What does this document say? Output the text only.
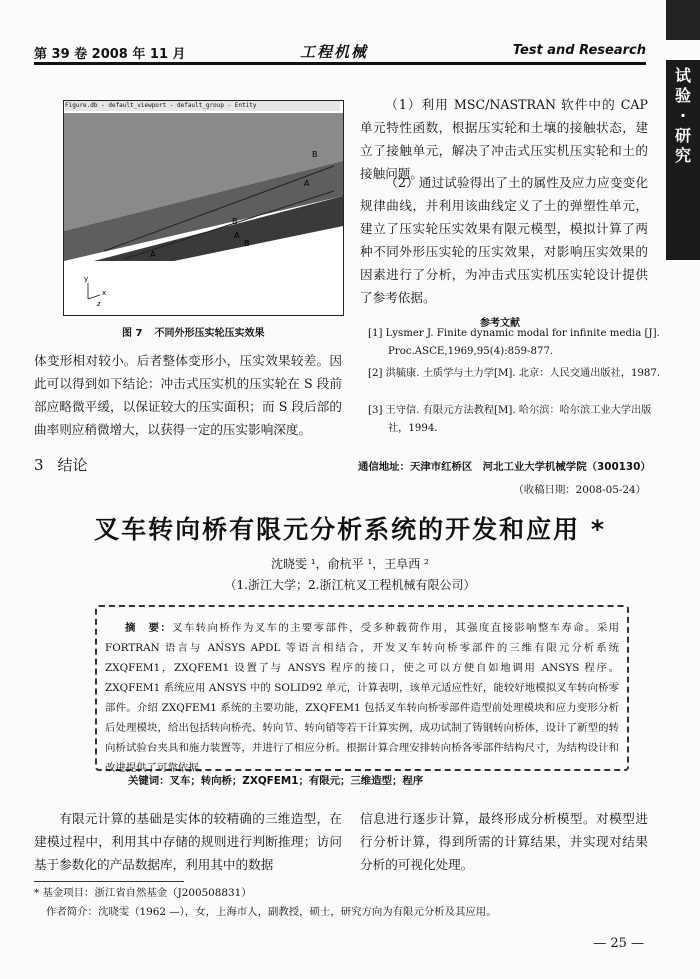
第 39 卷 2008 年 11 月	工程机械	Test and Research
试验·研究
B
A
B
A
A
B
y
x
z
Figure.db - default_viewport - default_group - Entity
图 7 不同外形压实轮压实效果
体变形相对较小。后者整体变形小，压实效果较差。因此可以得到如下结论：冲击式压实机的压实轮在 S 段前部应略微平缓，以保证较大的压实面积；而 S 段后部的曲率则应稍微增大，以获得一定的压实影响深度。
3 结论
（1）利用 MSC/NASTRAN 软件中的 CAP 单元特性函数，根据压实轮和土壤的接触状态，建立了接触单元，解决了冲击式压实机压实轮和土的接触问题。
（2）通过试验得出了土的属性及应力应变变化规律曲线，并利用该曲线定义了土的弹塑性单元，建立了压实轮压实效果有限元模型，模拟计算了两种不同外形压实轮的压实效果，对影响压实效果的因素进行了分析，为冲击式压实机压实轮设计提供了参考依据。
参考文献
[1] Lysmer J. Finite dynamic modal for infinite media [J]. Proc.ASCE,1969,95(4):859-877.
[2] 洪毓康. 土质学与土力学[M]. 北京：人民交通出版社，1987.
[3] 王守信. 有限元方法教程[M]. 哈尔滨：哈尔滨工业大学出版社，1994.
通信地址：天津市红桥区　河北工业大学机械学院（300130）
（收稿日期：2008-05-24）
叉车转向桥有限元分析系统的开发和应用 *
沈晓雯 ¹，俞杭平 ¹，王阜西 ²
（1.浙江大学；2.浙江杭叉工程机械有限公司）
摘　要：叉车转向桥作为叉车的主要零部件，受多种载荷作用，其强度直接影响整车寿命。采用 FORTRAN 语言与 ANSYS APDL 等语言相结合，开发叉车转向桥零部件的三维有限元分析系统 ZXQFEM1，ZXQFEM1 设置了与 ANSYS 程序的接口，使之可以方便自如地调用 ANSYS 程序。ZXQFEM1 系统应用 ANSYS 中的 SOLID92 单元，计算表明，该单元适应性好，能较好地模拟叉车转向桥零部件。介绍 ZXQFEM1 系统的主要功能，ZXQFEM1 包括叉车转向桥零部件造型前处理模块和应力变形分析后处理模块，给出包括转向桥壳、转向节、转向销等若干计算实例，成功试制了铸钢转向桥体，设计了新型的转向桥试验台夹具和施力装置等，并进行了相应分析。根据计算合理安排转向桥各零部件结构尺寸，为结构设计和改进提供了可靠依据。
关键词：叉车；转向桥；ZXQFEM1；有限元；三维造型；程序
有限元计算的基础是实体的较精确的三维造型，在建模过程中，利用其中存储的规则进行判断推理；访问基于参数化的产品数据库，利用其中的数据
信息进行逐步计算，最终形成分析模型。对模型进行分析计算，得到所需的计算结果，并实现对结果分析的可视化处理。
* 基金项目：浙江省自然基金（J200508831）
作者简介：沈晓雯（1962 —），女，上海市人，副教授，硕士，研究方向为有限元分析及其应用。
— 25 —
